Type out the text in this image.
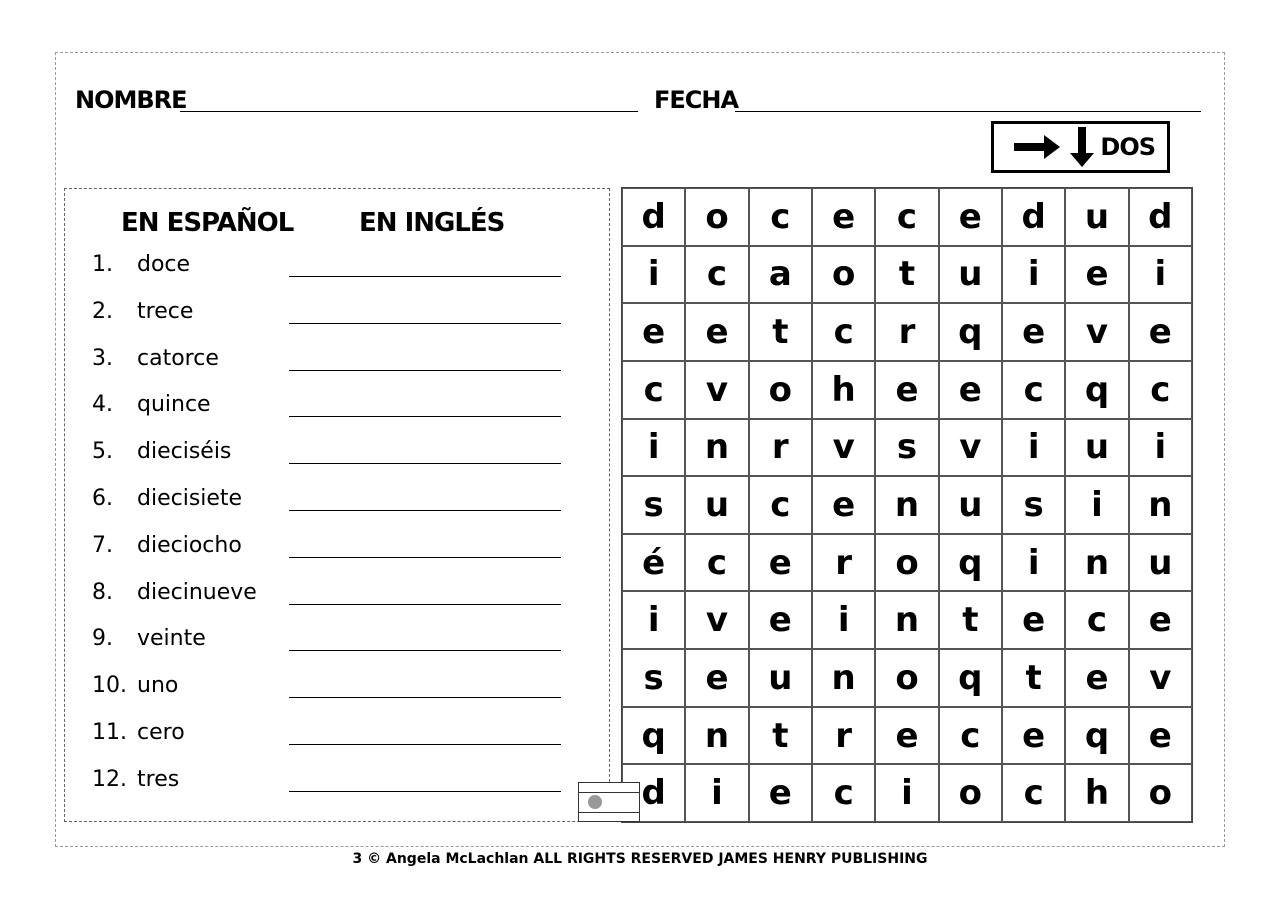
NOMBRE	FECHA
DOS
EN ESPAÑOL	EN INGLÉS
1. doce
2. trece
3. catorce
4. quince
5. dieciséis
6. diecisiete
7. dieciocho
8. diecinueve
9. veinte
10. uno
11. cero
12. tres
d	o	c	e	c	e	d	u	d
i	c	a	o	t	u	i	e	i
e	e	t	c	r	q	e	v	e
c	v	o	h	e	e	c	q	c
i	n	r	v	s	v	i	u	i
s	u	c	e	n	u	s	i	n
é	c	e	r	o	q	i	n	u
i	v	e	i	n	t	e	c	e
s	e	u	n	o	q	t	e	v
q	n	t	r	e	c	e	q	e
d	i	e	c	i	o	c	h	o
3 © Angela McLachlan ALL RIGHTS RESERVED JAMES HENRY PUBLISHING
